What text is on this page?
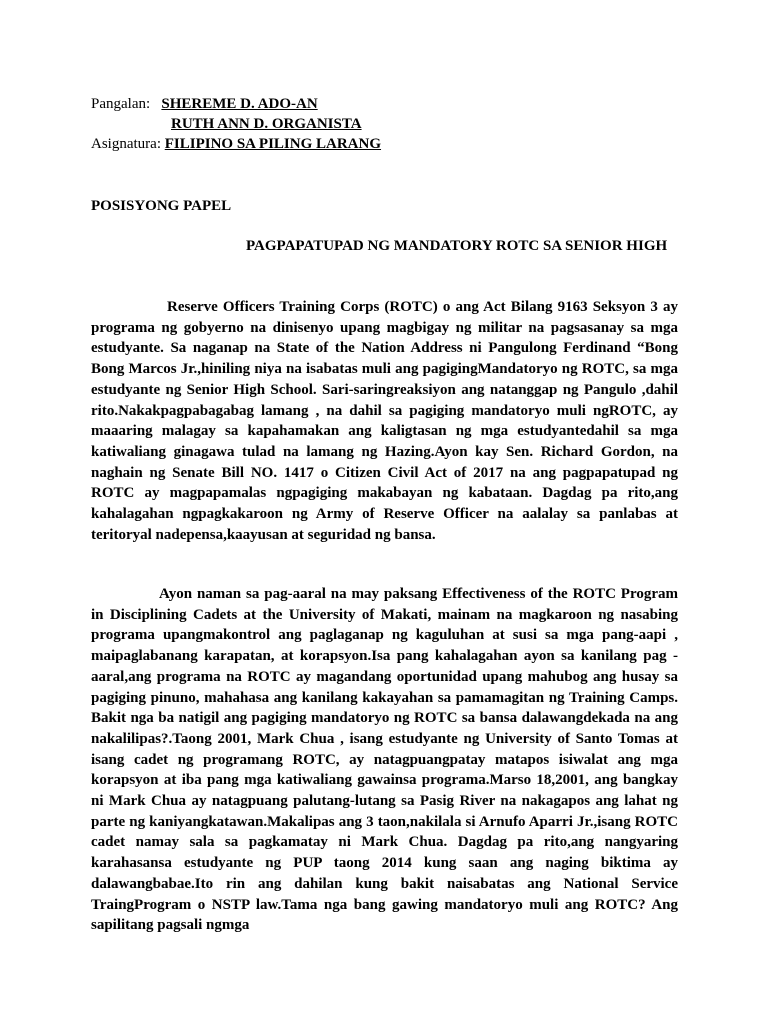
Pangalan: SHEREME D. ADO-AN
RUTH ANN D. ORGANISTA
Asignatura: FILIPINO SA PILING LARANG
POSISYONG PAPEL
PAGPAPATUPAD NG MANDATORY ROTC SA SENIOR HIGH

Reserve Officers Training Corps (ROTC) o ang Act Bilang 9163 Seksyon 3 ay programa ng gobyerno na dinisenyo upang magbigay ng militar na pagsasanay sa mga estudyante. Sa naganap na State of the Nation Address ni Pangulong Ferdinand “Bong Bong Marcos Jr.,hiniling niya na isabatas muli ang pagigingMandatoryo ng ROTC, sa mga estudyante ng Senior High School. Sari-saringreaksiyon ang natanggap ng Pangulo ,dahil rito.Nakakpagpabagabag lamang , na dahil sa pagiging mandatoryo muli ngROTC, ay maaaring malagay sa kapahamakan ang kaligtasan ng mga estudyantedahil sa mga katiwaliang ginagawa tulad na lamang ng Hazing.Ayon kay Sen. Richard Gordon, na naghain ng Senate Bill NO. 1417 o Citizen Civil Act of 2017 na ang pagpapatupad ng ROTC ay magpapamalas ngpagiging makabayan ng kabataan. Dagdag pa rito,ang kahalagahan ngpagkakaroon ng Army of Reserve Officer na aalalay sa panlabas at teritoryal nadepensa,kaayusan at seguridad ng bansa.

Ayon naman sa pag-aaral na may paksang Effectiveness of the ROTC Program in Disciplining Cadets at the University of Makati, mainam na magkaroon ng nasabing programa upangmakontrol ang paglaganap ng kaguluhan at susi sa mga pang-aapi , maipaglabanang karapatan, at korapsyon.Isa pang kahalagahan ayon sa kanilang pag -aaral,ang programa na ROTC ay magandang oportunidad upang mahubog ang husay sa pagiging pinuno, mahahasa ang kanilang kakayahan sa pamamagitan ng Training Camps. Bakit nga ba natigil ang pagiging mandatoryo ng ROTC sa bansa dalawangdekada na ang nakalilipas?.Taong 2001, Mark Chua , isang estudyante ng University of Santo Tomas at isang cadet ng programang ROTC, ay natagpuangpatay matapos isiwalat ang mga korapsyon at iba pang mga katiwaliang gawainsa programa.Marso 18,2001, ang bangkay ni Mark Chua ay natagpuang palutang-lutang sa Pasig River na nakagapos ang lahat ng parte ng kaniyangkatawan.Makalipas ang 3 taon,nakilala si Arnufo Aparri Jr.,isang ROTC cadet namay sala sa pagkamatay ni Mark Chua. Dagdag pa rito,ang nangyaring karahasansa estudyante ng PUP taong 2014 kung saan ang naging biktima ay dalawangbabae.Ito rin ang dahilan kung bakit naisabatas ang National Service TraingProgram o NSTP law.Tama nga bang gawing mandatoryo muli ang ROTC? Ang sapilitang pagsali ngmga
